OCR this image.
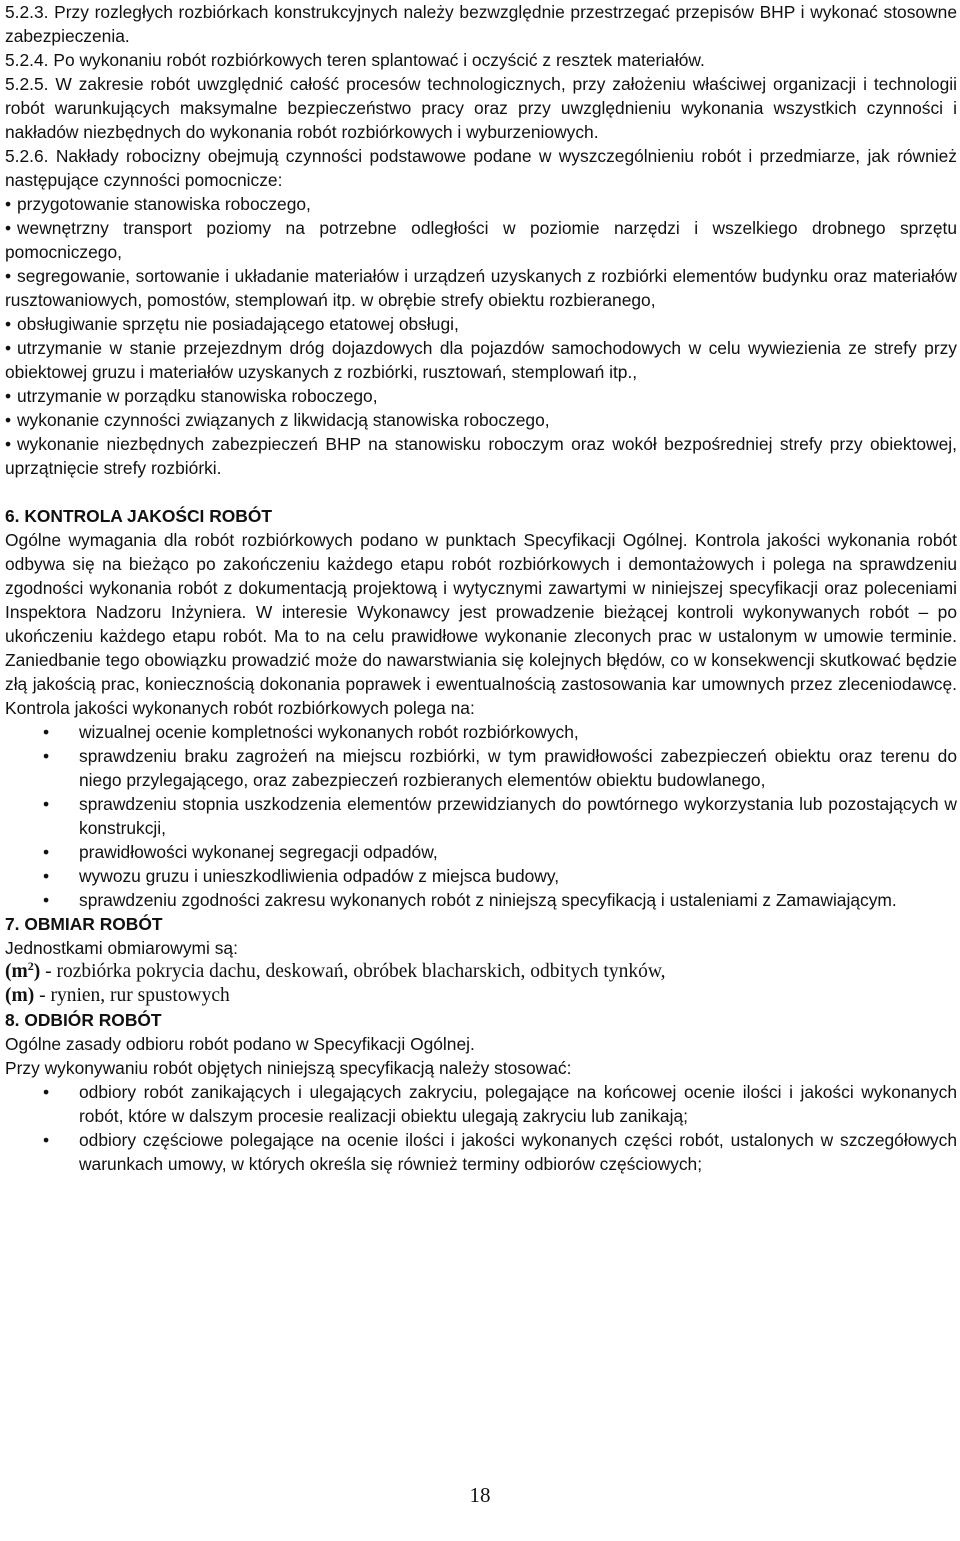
5.2.3. Przy rozległych rozbiórkach konstrukcyjnych należy bezwzględnie przestrzegać przepisów BHP i wykonać stosowne zabezpieczenia.

5.2.4. Po wykonaniu robót rozbiórkowych teren splantować i oczyścić z resztek materiałów.

5.2.5. W zakresie robót uwzględnić całość procesów technologicznych, przy założeniu właściwej organizacji i technologii robót warunkujących maksymalne bezpieczeństwo pracy oraz przy uwzględnieniu wykonania wszystkich czynności i nakładów niezbędnych do wykonania robót rozbiórkowych i wyburzeniowych.

5.2.6. Nakłady robocizny obejmują czynności podstawowe podane w wyszczególnieniu robót i przedmiarze, jak również następujące czynności pomocnicze:

• przygotowanie stanowiska roboczego,
• wewnętrzny transport poziomy na potrzebne odległości w poziomie narzędzi i wszelkiego drobnego sprzętu pomocniczego,
• segregowanie, sortowanie i układanie materiałów i urządzeń uzyskanych z rozbiórki elementów budynku oraz materiałów rusztowaniowych, pomostów, stemplowań itp. w obrębie strefy obiektu rozbieranego,
• obsługiwanie sprzętu nie posiadającego etatowej obsługi,
• utrzymanie w stanie przejezdnym dróg dojazdowych dla pojazdów samochodowych w celu wywiezienia ze strefy przy obiektowej gruzu i materiałów uzyskanych z rozbiórki, rusztowań, stemplowań itp.,
• utrzymanie w porządku stanowiska roboczego,
• wykonanie czynności związanych z likwidacją stanowiska roboczego,
• wykonanie niezbędnych zabezpieczeń BHP na stanowisku roboczym oraz wokół bezpośredniej strefy przy obiektowej, uprzątnięcie strefy rozbiórki.

6. KONTROLA JAKOŚCI ROBÓT

Ogólne wymagania dla robót rozbiórkowych podano w punktach Specyfikacji Ogólnej. Kontrola jakości wykonania robót odbywa się na bieżąco po zakończeniu każdego etapu robót rozbiórkowych i demontażowych i polega na sprawdzeniu zgodności wykonania robót z dokumentacją projektową i wytycznymi zawartymi w niniejszej specyfikacji oraz poleceniami Inspektora Nadzoru Inżyniera. W interesie Wykonawcy jest prowadzenie bieżącej kontroli wykonywanych robót – po ukończeniu każdego etapu robót. Ma to na celu prawidłowe wykonanie zleconych prac w ustalonym w umowie terminie. Zaniedbanie tego obowiązku prowadzić może do nawarstwiania się kolejnych błędów, co w konsekwencji skutkować będzie złą jakością prac, koniecznością dokonania poprawek i ewentualnością zastosowania kar umownych przez zleceniodawcę. Kontrola jakości wykonanych robót rozbiórkowych polega na:

• wizualnej ocenie kompletności wykonanych robót rozbiórkowych,
• sprawdzeniu braku zagrożeń na miejscu rozbiórki, w tym prawidłowości zabezpieczeń obiektu oraz terenu do niego przylegającego, oraz zabezpieczeń rozbieranych elementów obiektu budowlanego,
• sprawdzeniu stopnia uszkodzenia elementów przewidzianych do powtórnego wykorzystania lub pozostających w konstrukcji,
• prawidłowości wykonanej segregacji odpadów,
• wywozu gruzu i unieszkodliwienia odpadów z miejsca budowy,
• sprawdzeniu zgodności zakresu wykonanych robót z niniejszą specyfikacją i ustaleniami z Zamawiającym.

7. OBMIAR ROBÓT

Jednostkami obmiarowymi są:

$(m^2)$ - rozbiórka pokrycia dachu, deskowań, obróbek blacharskich, odbitych tynków,

(m) - rynien, rur spustowych

8. ODBIÓR ROBÓT

Ogólne zasady odbioru robót podano w Specyfikacji Ogólnej.

Przy wykonywaniu robót objętych niniejszą specyfikacją należy stosować:

• odbiory robót zanikających i ulegających zakryciu, polegające na końcowej ocenie ilości i jakości wykonanych robót, które w dalszym procesie realizacji obiektu ulegają zakryciu lub zanikają;
• odbiory częściowe polegające na ocenie ilości i jakości wykonanych części robót, ustalonych w szczegółowych warunkach umowy, w których określa się również terminy odbiorów częściowych;
18
